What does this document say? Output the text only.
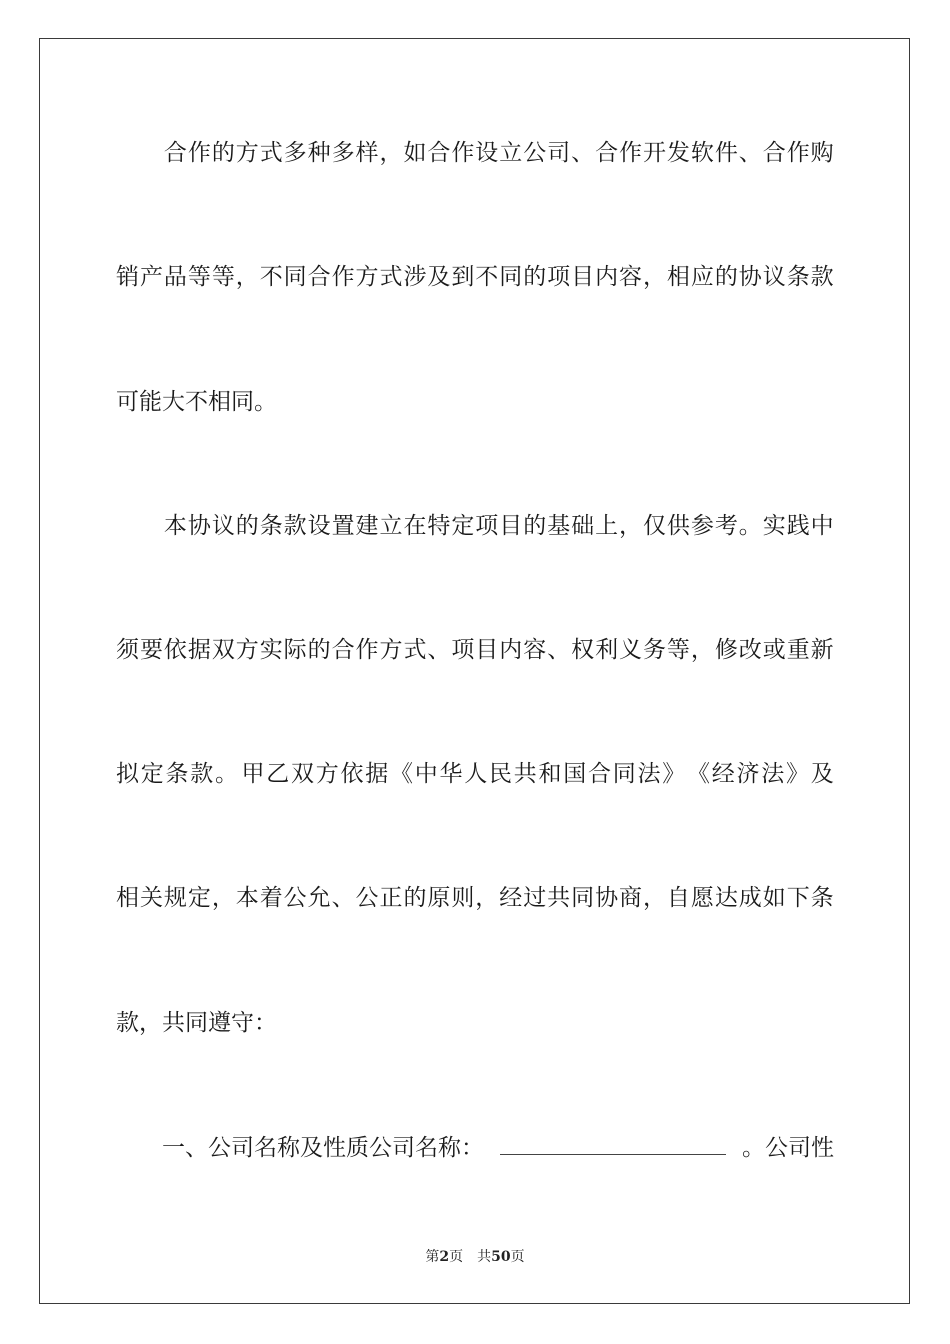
合 作 的 方 式 多 种 多 样 ， 如 合 作 设 立 公 司 、 合 作 开 发 软 件 、 合 作 购
销 产 品 等 等 ， 不 同 合 作 方 式 涉 及 到 不 同 的 项 目 内 容 ， 相 应 的 协 议 条 款
可能大不相同。

本 协 议 的 条 款 设 置 建 立 在 特 定 项 目 的 基 础 上 ， 仅 供 参 考 。 实 践 中
须 要 依 据 双 方 实 际 的 合 作 方 式 、 项 目 内 容 、 权 利 义 务 等 ， 修 改 或 重 新
拟 定 条 款 。 甲 乙 双 方 依 据 《 中 华 人 民 共 和 国 合 同 法 》 《 经 济 法 》 及
相 关 规 定 ， 本 着 公 允 、 公 正 的 原 则 ， 经 过 共 同 协 商 ， 自 愿 达 成 如 下 条
款，共同遵守：
　　一、公司名称及性质公司名称：	。公司性
第2页 共50页
